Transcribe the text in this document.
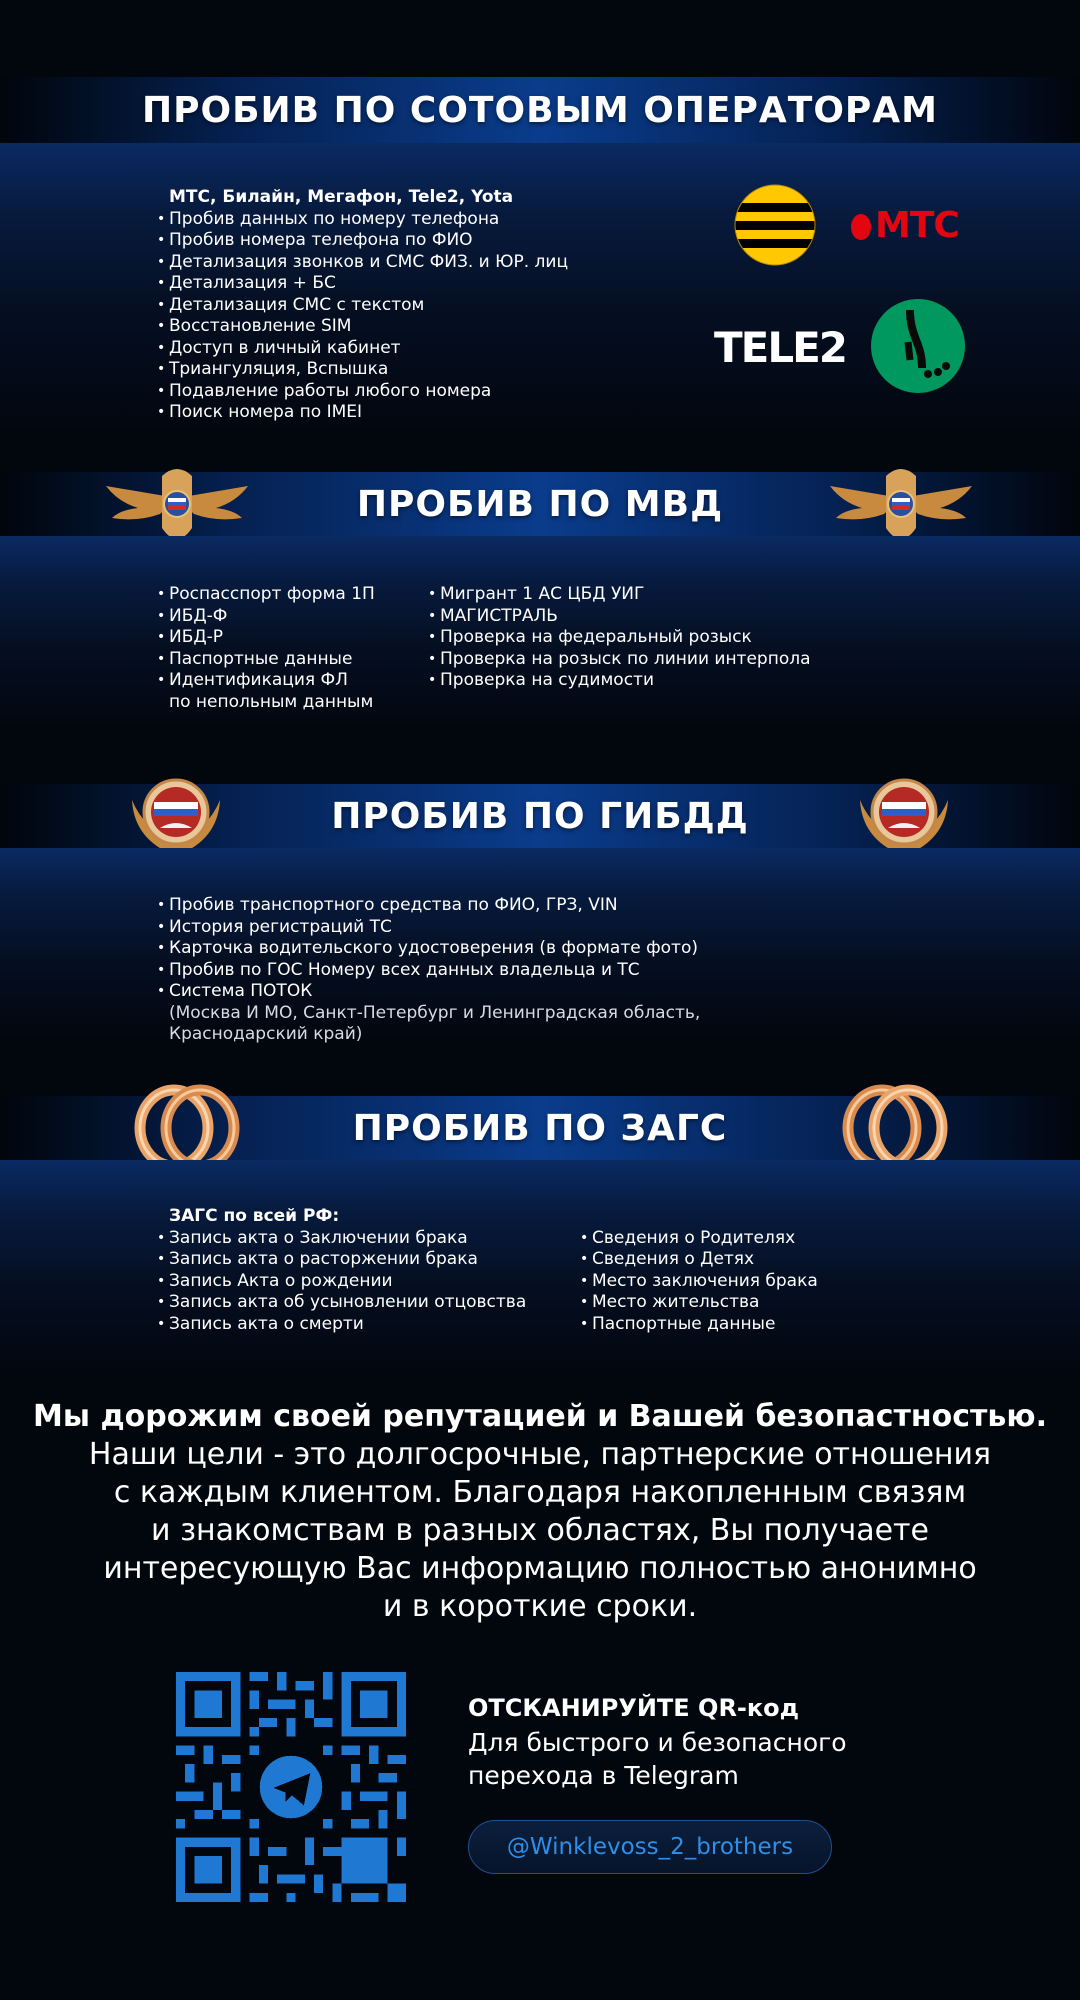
ПРОБИВ ПО СОТОВЫМ ОПЕРАТОРАМ
МТС, Билайн, Мегафон, Tele2, Yota
• Пробив данных по номеру телефона
• Пробив номера телефона по ФИО
• Детализация звонков и СМС ФИЗ. и ЮР. лиц
• Детализация + БС
• Детализация СМС с текстом
• Восстановление SIM
• Доступ в личный кабинет
• Триангуляция, Вспышка
• Подавление работы любого номера
• Поиск номера по IMEI
МТС
TELE2
ПРОБИВ ПО МВД
• Роспасспорт форма 1П
• ИБД-Ф
• ИБД-Р
• Паспортные данные
• Идентификация ФЛ
по непольным данным
• Мигрант 1 АС ЦБД УИГ
• МАГИСТРАЛЬ
• Проверка на федеральный розыск
• Проверка на розыск по линии интерпола
• Проверка на судимости
ПРОБИВ ПО ГИБДД
• Пробив транспортного средства по ФИО, ГРЗ, VIN
• История регистраций ТС
• Карточка водительского удостоверения (в формате фото)
• Пробив по ГОС Номеру всех данных владельца и ТС
• Система ПОТОК
(Москва И МО, Санкт-Петербург и Ленинградская область,
Краснодарский край)
ПРОБИВ ПО ЗАГС
ЗАГС по всей РФ:
• Запись акта о Заключении брака
• Запись акта о расторжении брака
• Запись Акта о рождении
• Запись акта об усыновлении отцовства
• Запись акта о смерти
• Сведения о Родителях
• Сведения о Детях
• Место заключения брака
• Место жительства
• Паспортные данные
Мы дорожим своей репутацией и Вашей безопастностью.
Наши цели - это долгосрочные, партнерские отношения
с каждым клиентом. Благодаря накопленным связям
и знакомствам в разных областях, Вы получаете
интересующую Вас информацию полностью анонимно
и в короткие сроки.
ОТСКАНИРУЙТЕ QR-код
Для быстрого и безопасного
перехода в Telegram
@Winklevoss_2_brothers
